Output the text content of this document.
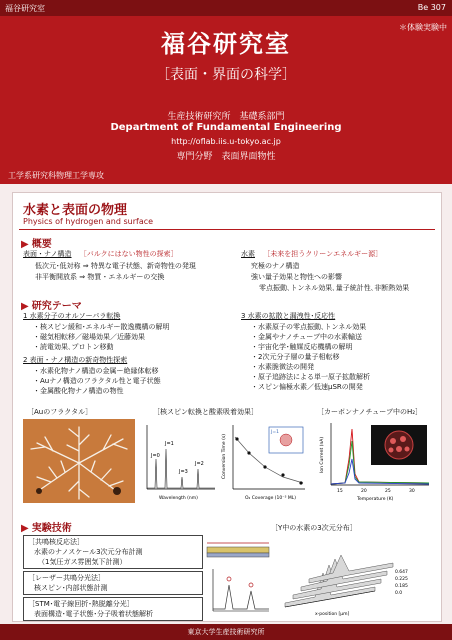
福谷研究室	Be 307
＊体験実験中
福谷研究室
［表面・界面の科学］
生産技術研究所　基礎系部門
Department of Fundamental Engineering
http://oflab.iis.u-tokyo.ac.jp
専門分野　表面界面物性
工学系研究科物理工学専攻
水素と表面の物理
Physics of hydrogen and surface
▶ 概要
表面・ナノ構造 ［バルクにはない物性の探索］
低次元･低対称 ⇒ 特異な電子状態、新奇物性の発現
非平衡開放系 ⇒ 物質・エネルギーの交換
水素 ［未来を担うクリーンエネルギー源］
究極のナノ構造
強い量子効果と物性への影響
零点振動､トンネル効果､量子統計性､非断熱効果
▶ 研究テーマ
1 水素分子のオルソーパラ転換
・核スピン緩和･エネルギー散逸機構の解明
・磁気相転移／磁場効果／近藤効果
・読電効果､プロトン移動
2 表面・ナノ構造の新奇物性探索
・水素化物ナノ構造の金属ー絶縁体転移
・Auナノ構造のフラクタル性と電子状態
・金属酸化物ナノ構造の物性
3 水素の拡散と漏洩性･反応性
・水素原子の零点振動､トンネル効果
・金属やナノチューブ中の水素輸送
・宇宙化学･触媒反応機構の解明
・2次元分子層の量子相転移
・水素脆徴法の開発
・原子追跡法による単一原子拡散解析
・スピン偏極水素／低速μSRの開発
［Auのフラクタル］	［核スピン転換と酸素吸着効果］	［カーボンナノチューブ中のH₂］
J=1
J=0
J=3
J=2
Wavelength (nm)
Conversion Time (s)
O₂ Coverage (10⁻³ ML)
J=1
Ion Current (nA)
Temperature (K)
15	20	25	30
▶ 実験技術
［共鳴核反応法］
水素のナノスケール3次元分布計測
（1気圧ガス雰囲気下計測）
［レーザー共鳴分光法］
核スピン･内部状態計測
［STM･電子線回折･熱脱離分光］
表面構造･電子状態･分子吸着状態解析
［Y中の水素の3次元分布］
x-position [μm]
0.647
0.225
0.185
0.0
東京大学生産技術研究所
